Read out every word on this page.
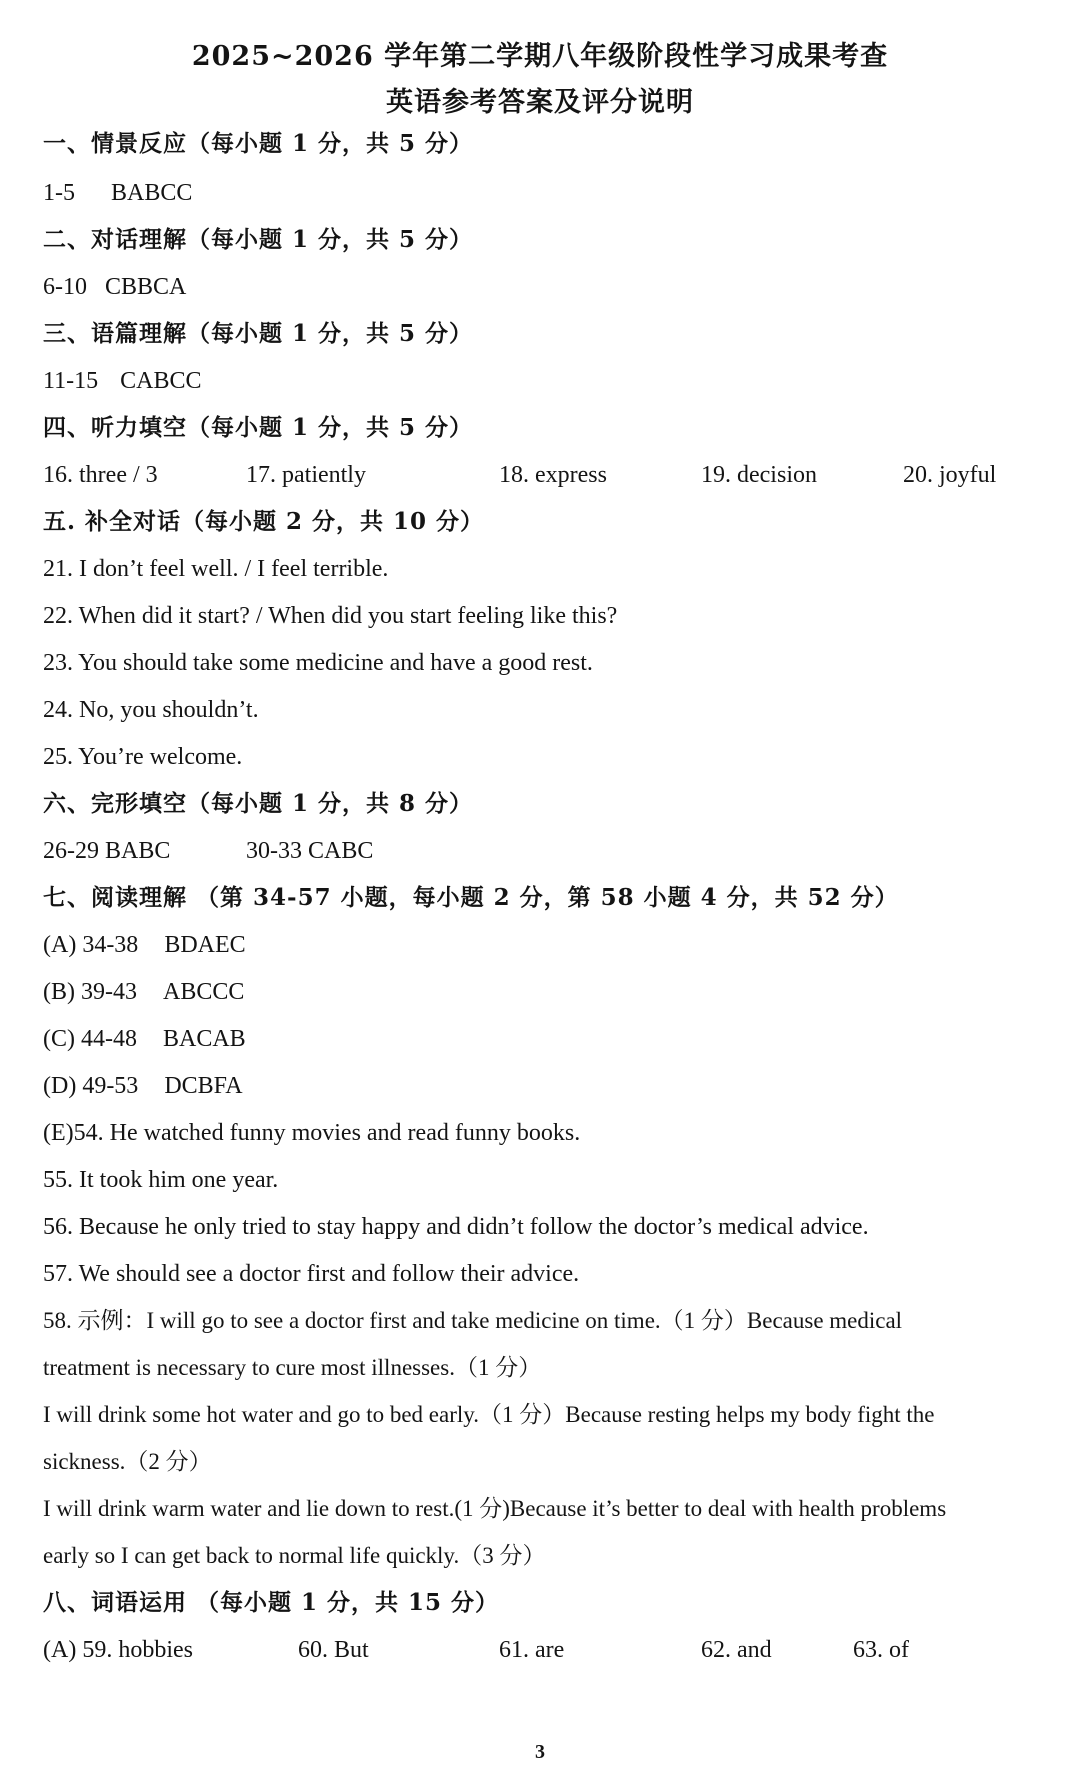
2025~2026 学年第二学期八年级阶段性学习成果考查
英语参考答案及评分说明
一、情景反应（每小题 1 分，共 5 分）
1-5 BABCC
二、对话理解（每小题 1 分，共 5 分）
6-10 CBBCA
三、语篇理解（每小题 1 分，共 5 分）
11-15 CABCC
四、听力填空（每小题 1 分，共 5 分）
16. three / 3	17. patiently	18. express	19. decision	20. joyful
五. 补全对话（每小题 2 分，共 10 分）
21. I don’t feel well. / I feel terrible.
22. When did it start? / When did you start feeling like this?
23. You should take some medicine and have a good rest.
24. No, you shouldn’t.
25. You’re welcome.
六、完形填空（每小题 1 分，共 8 分）
26-29 BABC	30-33 CABC
七、阅读理解 （第 34-57 小题，每小题 2 分，第 58 小题 4 分，共 52 分）
(A) 34-38 BDAEC
(B) 39-43 ABCCC
(C) 44-48 BACAB
(D) 49-53 DCBFA
(E)54. He watched funny movies and read funny books.
55. It took him one year.
56. Because he only tried to stay happy and didn’t follow the doctor’s medical advice.
57. We should see a doctor first and follow their advice.
58. 示例：I will go to see a doctor first and take medicine on time.（1 分）Because medical
treatment is necessary to cure most illnesses.（1 分）
I will drink some hot water and go to bed early.（1 分）Because resting helps my body fight the
sickness.（2 分）
I will drink warm water and lie down to rest.(1 分)Because it’s better to deal with health problems
early so I can get back to normal life quickly.（3 分）
八、词语运用 （每小题 1 分，共 15 分）
(A) 59. hobbies	60. But	61. are	62. and	63. of
3
